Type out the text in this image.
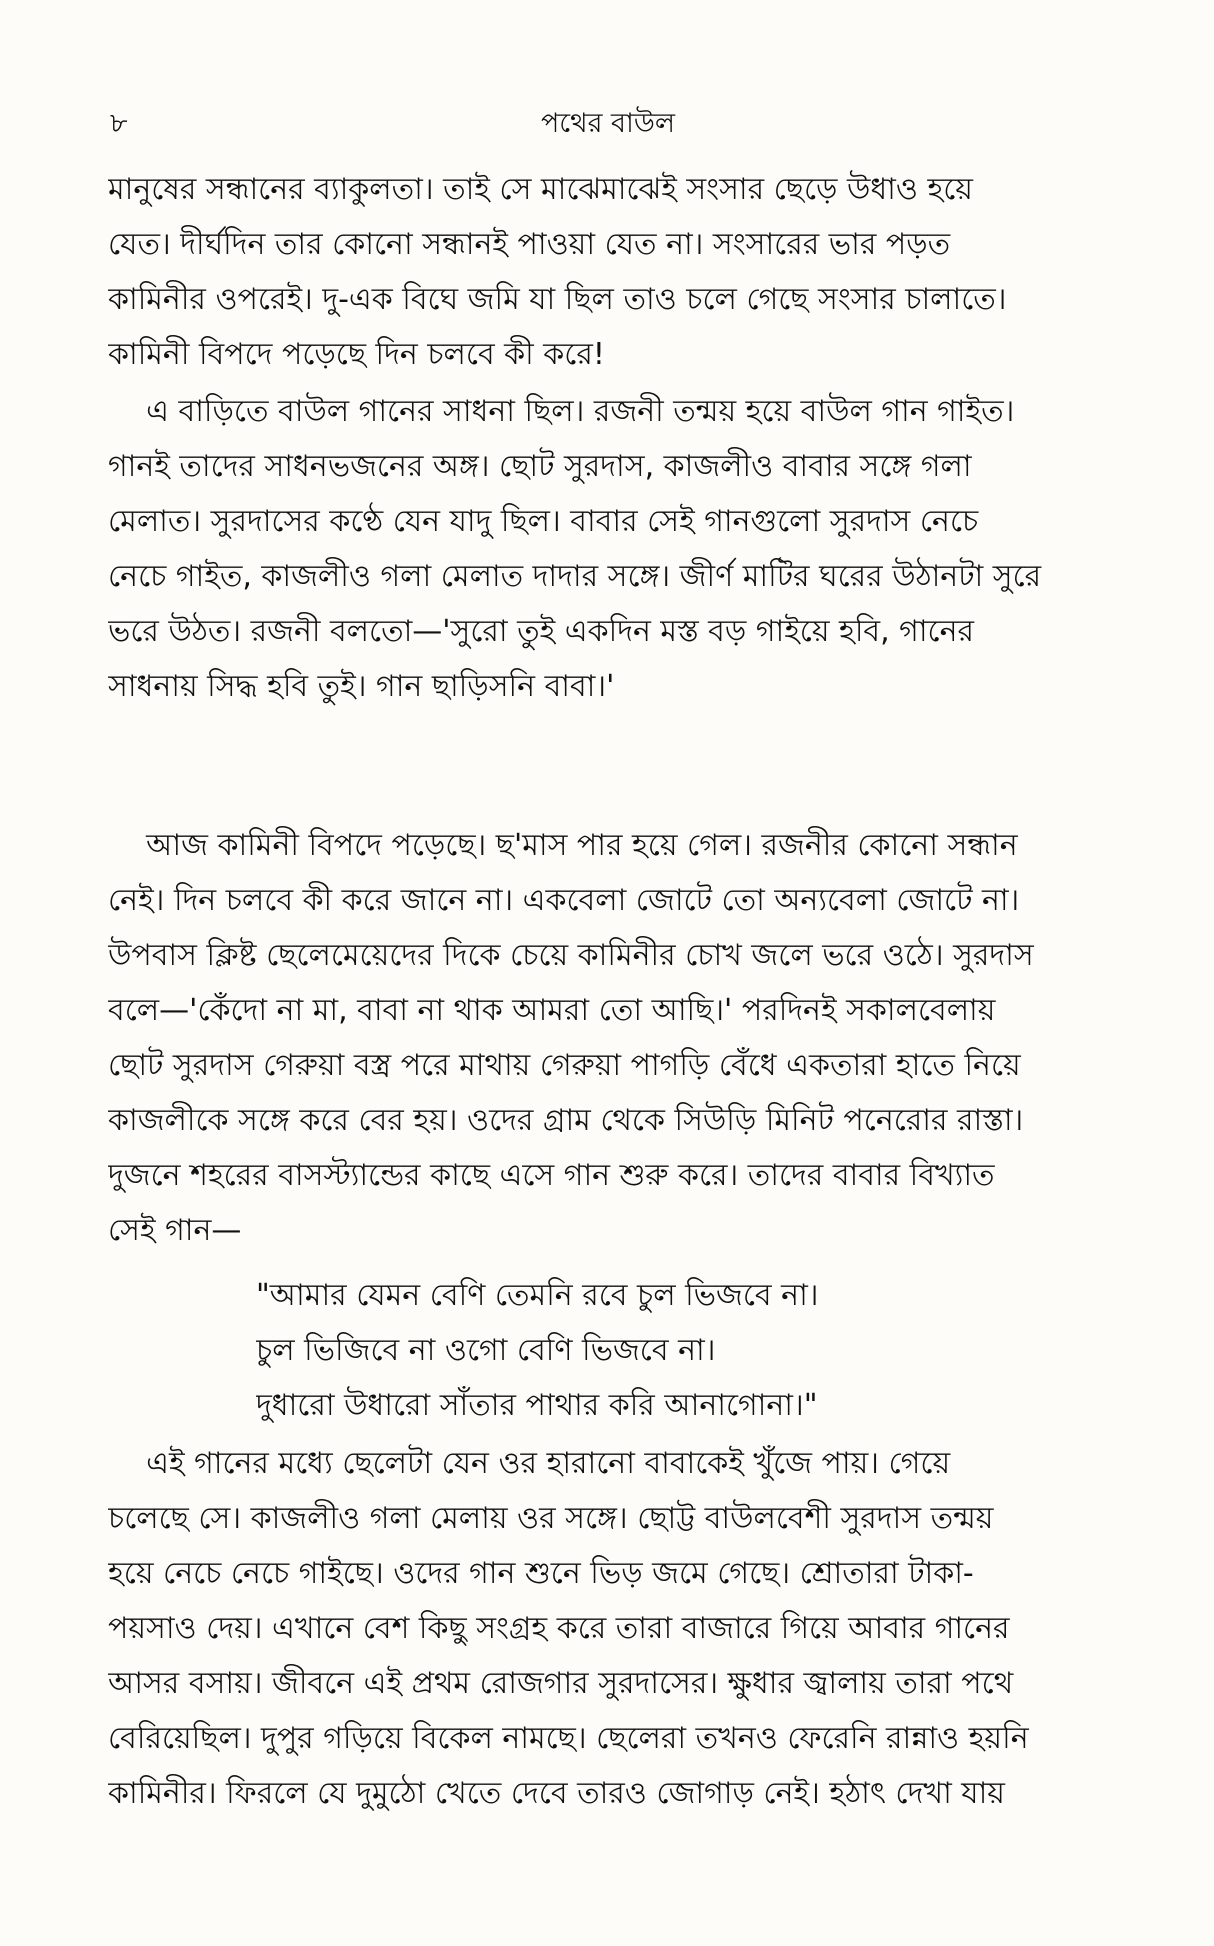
৮	পথের বাউল
মানুষের সন্ধানের ব্যাকুলতা। তাই সে মাঝেমাঝেই সংসার ছেড়ে উধাও হয়ে
যেত। দীর্ঘদিন তার কোনো সন্ধানই পাওয়া যেত না। সংসারের ভার পড়ত
কামিনীর ওপরেই। দু-এক বিঘে জমি যা ছিল তাও চলে গেছে সংসার চালাতে।
কামিনী বিপদে পড়েছে দিন চলবে কী করে!
এ বাড়িতে বাউল গানের সাধনা ছিল। রজনী তন্ময় হয়ে বাউল গান গাইত।
গানই তাদের সাধনভজনের অঙ্গ। ছোট সুরদাস, কাজলীও বাবার সঙ্গে গলা
মেলাত। সুরদাসের কণ্ঠে যেন যাদু ছিল। বাবার সেই গানগুলো সুরদাস নেচে
নেচে গাইত, কাজলীও গলা মেলাত দাদার সঙ্গে। জীর্ণ মাটির ঘরের উঠানটা সুরে
ভরে উঠত। রজনী বলতো—'সুরো তুই একদিন মস্ত বড় গাইয়ে হবি, গানের
সাধনায় সিদ্ধ হবি তুই। গান ছাড়িসনি বাবা।'
আজ কামিনী বিপদে পড়েছে। ছ'মাস পার হয়ে গেল। রজনীর কোনো সন্ধান
নেই। দিন চলবে কী করে জানে না। একবেলা জোটে তো অন্যবেলা জোটে না।
উপবাস ক্লিষ্ট ছেলেমেয়েদের দিকে চেয়ে কামিনীর চোখ জলে ভরে ওঠে। সুরদাস
বলে—'কেঁদো না মা, বাবা না থাক আমরা তো আছি।' পরদিনই সকালবেলায়
ছোট সুরদাস গেরুয়া বস্ত্র পরে মাথায় গেরুয়া পাগড়ি বেঁধে একতারা হাতে নিয়ে
কাজলীকে সঙ্গে করে বের হয়। ওদের গ্রাম থেকে সিউড়ি মিনিট পনেরোর রাস্তা।
দুজনে শহরের বাসস্ট্যান্ডের কাছে এসে গান শুরু করে। তাদের বাবার বিখ্যাত
সেই গান—
"আমার যেমন বেণি তেমনি রবে চুল ভিজবে না।
চুল ভিজিবে না ওগো বেণি ভিজবে না।
দুধারো উধারো সাঁতার পাথার করি আনাগোনা।"
এই গানের মধ্যে ছেলেটা যেন ওর হারানো বাবাকেই খুঁজে পায়। গেয়ে
চলেছে সে। কাজলীও গলা মেলায় ওর সঙ্গে। ছোট্ট বাউলবেশী সুরদাস তন্ময়
হয়ে নেচে নেচে গাইছে। ওদের গান শুনে ভিড় জমে গেছে। শ্রোতারা টাকা-
পয়সাও দেয়। এখানে বেশ কিছু সংগ্রহ করে তারা বাজারে গিয়ে আবার গানের
আসর বসায়। জীবনে এই প্রথম রোজগার সুরদাসের। ক্ষুধার জ্বালায় তারা পথে
বেরিয়েছিল। দুপুর গড়িয়ে বিকেল নামছে। ছেলেরা তখনও ফেরেনি রান্নাও হয়নি
কামিনীর। ফিরলে যে দুমুঠো খেতে দেবে তারও জোগাড় নেই। হঠাৎ দেখা যায়
